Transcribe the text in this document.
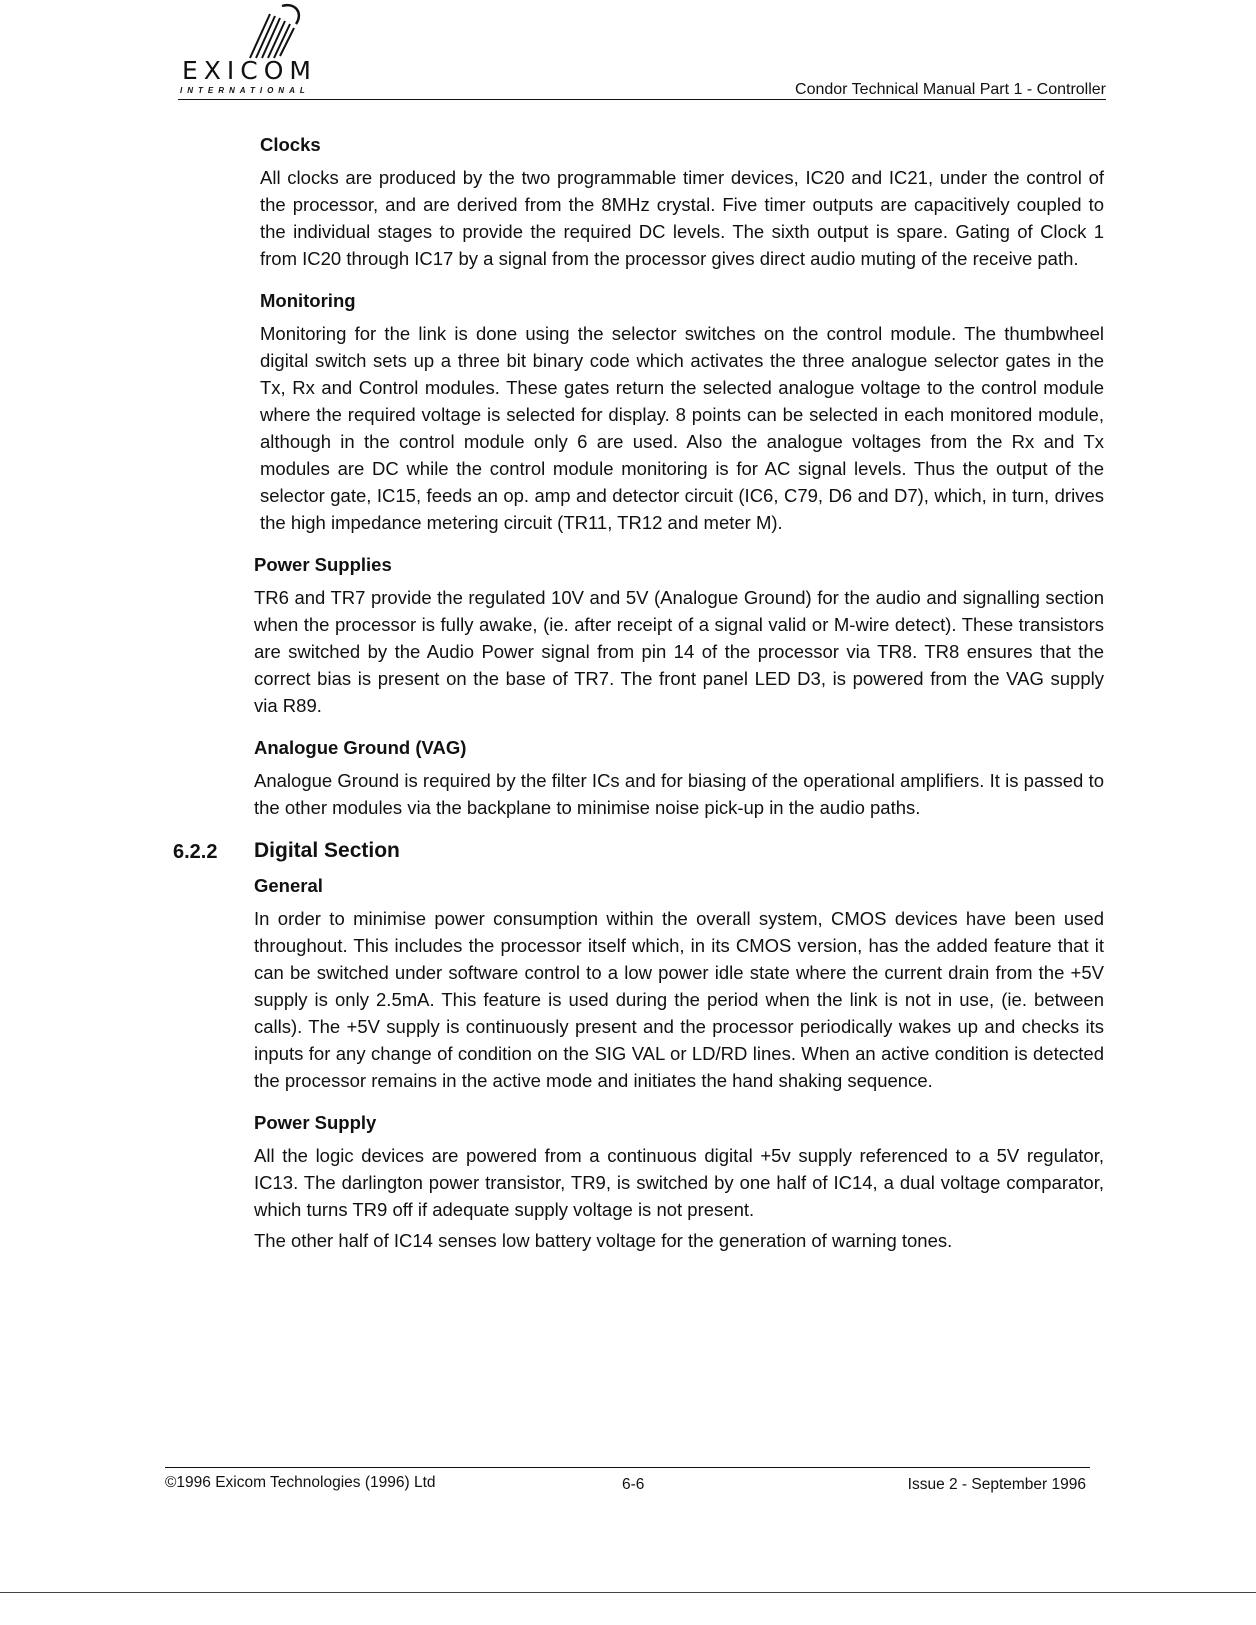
EXICOM
INTERNATIONAL	Condor Technical Manual Part 1 - Controller
Clocks

All clocks are produced by the two programmable timer devices, IC20 and IC21, under the control of the processor, and are derived from the 8MHz crystal. Five timer outputs are capacitively coupled to the individual stages to provide the required DC levels. The sixth output is spare. Gating of Clock 1 from IC20 through IC17 by a signal from the processor gives direct audio muting of the receive path.

Monitoring

Monitoring for the link is done using the selector switches on the control module. The thumbwheel digital switch sets up a three bit binary code which activates the three analogue selector gates in the Tx, Rx and Control modules. These gates return the selected analogue voltage to the control module where the required voltage is selected for display. 8 points can be selected in each monitored module, although in the control module only 6 are used. Also the analogue voltages from the Rx and Tx modules are DC while the control module monitoring is for AC signal levels. Thus the output of the selector gate, IC15, feeds an op. amp and detector circuit (IC6, C79, D6 and D7), which, in turn, drives the high impedance metering circuit (TR11, TR12 and meter M).

Power Supplies

TR6 and TR7 provide the regulated 10V and 5V (Analogue Ground) for the audio and signalling section when the processor is fully awake, (ie. after receipt of a signal valid or M-wire detect). These transistors are switched by the Audio Power signal from pin 14 of the processor via TR8. TR8 ensures that the correct bias is present on the base of TR7. The front panel LED D3, is powered from the VAG supply via R89.

Analogue Ground (VAG)

Analogue Ground is required by the filter ICs and for biasing of the operational amplifiers. It is passed to the other modules via the backplane to minimise noise pick-up in the audio paths.

6.2.2 Digital Section
General

In order to minimise power consumption within the overall system, CMOS devices have been used throughout. This includes the processor itself which, in its CMOS version, has the added feature that it can be switched under software control to a low power idle state where the current drain from the +5V supply is only 2.5mA. This feature is used during the period when the link is not in use, (ie. between calls). The +5V supply is continuously present and the processor periodically wakes up and checks its inputs for any change of condition on the SIG VAL or LD/RD lines. When an active condition is detected the processor remains in the active mode and initiates the hand shaking sequence.

Power Supply

All the logic devices are powered from a continuous digital +5v supply referenced to a 5V regulator, IC13. The darlington power transistor, TR9, is switched by one half of IC14, a dual voltage comparator, which turns TR9 off if adequate supply voltage is not present.

The other half of IC14 senses low battery voltage for the generation of warning tones.

©1996 Exicom Technologies (1996) Ltd	6-6	Issue 2 - September 1996
